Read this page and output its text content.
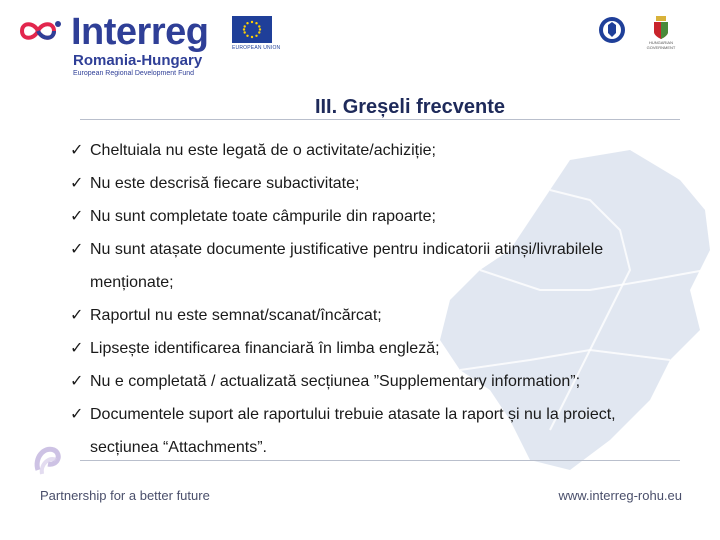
Interreg
Romania-Hungary
European Regional Development Fund
EUROPEAN UNION
HUNGARIAN GOVERNMENT
III. Greșeli frecvente
✓ Cheltuiala nu este legată de o activitate/achiziție;
✓ Nu este descrisă fiecare subactivitate;
✓ Nu sunt completate toate câmpurile din rapoarte;
✓ Nu sunt atașate documente justificative pentru indicatorii atinși/livrabilele menționate;
✓ Raportul nu este semnat/scanat/încărcat;
✓ Lipsește identificarea financiară în limba engleză;
✓ Nu e completată / actualizată secțiunea ”Supplementary information”;
✓ Documentele suport ale raportului trebuie atasate la raport și nu la proiect, secțiunea “Attachments”.
Partnership for a better future	www.interreg-rohu.eu
